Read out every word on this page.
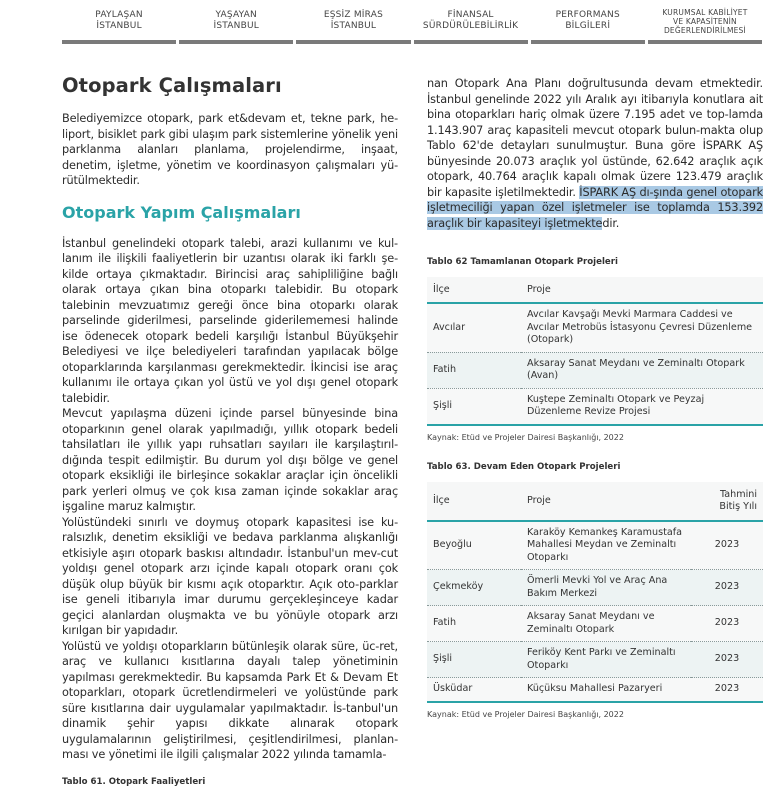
PAYLAŞAN
İSTANBUL
YAŞAYAN
İSTANBUL
EŞSİZ MİRAS
İSTANBUL
FİNANSAL
SÜRDÜRÜLEBİLİRLİK
PERFORMANS
BİLGİLERİ
KURUMSAL KABİLİYET
VE KAPASİTENİN
DEĞERLENDİRİLMESİ
Otopark Çalışmaları

Belediyemizce otopark, park et&devam et, tekne park, he-liport, bisiklet park gibi ulaşım park sistemlerine yönelik yeni parklanma alanları planlama, projelendirme, inşaat, denetim, işletme, yönetim ve koordinasyon çalışmaları yü-rütülmektedir.

Otopark Yapım Çalışmaları

İstanbul genelindeki otopark talebi, arazi kullanımı ve kul-lanım ile ilişkili faaliyetlerin bir uzantısı olarak iki farklı şe-kilde ortaya çıkmaktadır. Birincisi araç sahipliliğine bağlı olarak ortaya çıkan bina otoparkı talebidir. Bu otopark talebinin mevzuatımız gereği önce bina otoparkı olarak parselinde giderilmesi, parselinde giderilememesi halinde ise ödenecek otopark bedeli karşılığı İstanbul Büyükşehir Belediyesi ve ilçe belediyeleri tarafından yapılacak bölge otoparklarında karşılanması gerekmektedir. İkincisi ise araç kullanımı ile ortaya çıkan yol üstü ve yol dışı genel otopark talebidir.

Mevcut yapılaşma düzeni içinde parsel bünyesinde bina otoparkının genel olarak yapılmadığı, yıllık otopark bedeli tahsilatları ile yıllık yapı ruhsatları sayıları ile karşılaştırıl-dığında tespit edilmiştir. Bu durum yol dışı bölge ve genel otopark eksikliği ile birleşince sokaklar araçlar için öncelikli park yerleri olmuş ve çok kısa zaman içinde sokaklar araç işgaline maruz kalmıştır.

Yolüstündeki sınırlı ve doymuş otopark kapasitesi ise ku-ralsızlık, denetim eksikliği ve bedava parklanma alışkanlığı etkisiyle aşırı otopark baskısı altındadır. İstanbul'un mev-cut yoldışı genel otopark arzı içinde kapalı otopark oranı çok düşük olup büyük bir kısmı açık otoparktır. Açık oto-parklar ise geneli itibarıyla imar durumu gerçekleşinceye kadar geçici alanlardan oluşmakta ve bu yönüyle otopark arzı kırılgan bir yapıdadır.

Yolüstü ve yoldışı otoparkların bütünleşik olarak süre, üc-ret, araç ve kullanıcı kısıtlarına dayalı talep yönetiminin yapılması gerekmektedir. Bu kapsamda Park Et & Devam Et otoparkları, otopark ücretlendirmeleri ve yolüstünde park süre kısıtlarına dair uygulamalar yapılmaktadır. İs-tanbul'un dinamik şehir yapısı dikkate alınarak otopark uygulamalarının geliştirilmesi, çeşitlendirilmesi, planlan-ması ve yönetimi ile ilgili çalışmalar 2022 yılında tamamla-

Tablo 61. Otopark Faaliyetleri

nan Otopark Ana Planı doğrultusunda devam etmektedir. İstanbul genelinde 2022 yılı Aralık ayı itibarıyla konutlara ait bina otoparkları hariç olmak üzere 7.195 adet ve top-lamda 1.143.907 araç kapasiteli mevcut otopark bulun-makta olup Tablo 62'de detayları sunulmuştur. Buna göre İSPARK AŞ bünyesinde 20.073 araçlık yol üstünde, 62.642 araçlık açık otopark, 40.764 araçlık kapalı olmak üzere 123.479 araçlık bir kapasite işletilmektedir. İSPARK AŞ dı-şında genel otopark işletmeciliği yapan özel işletmeler ise toplamda 153.392 araçlık bir kapasiteyi işletmektedir.

Tablo 62 Tamamlanan Otopark Projeleri
İlçe	Proje
Avcılar	Avcılar Kavşağı Mevki Marmara Caddesi ve Avcılar Metrobüs İstasyonu Çevresi Düzenleme (Otopark)
Fatih	Aksaray Sanat Meydanı ve Zeminaltı Otopark (Avan)
Şişli	Kuştepe Zeminaltı Otopark ve Peyzaj Düzenleme Revize Projesi
Kaynak: Etüd ve Projeler Dairesi Başkanlığı, 2022
Tablo 63. Devam Eden Otopark Projeleri
İlçe	Proje	Tahmini Bitiş Yılı
Beyoğlu	Karaköy Kemankeş Karamustafa Mahallesi Meydan ve Zeminaltı Otoparkı	2023
Çekmeköy	Ömerli Mevki Yol ve Araç Ana Bakım Merkezi	2023
Fatih	Aksaray Sanat Meydanı ve Zeminaltı Otopark	2023
Şişli	Feriköy Kent Parkı ve Zeminaltı Otoparkı	2023
Üsküdar	Küçüksu Mahallesi Pazaryeri	2023
Kaynak: Etüd ve Projeler Dairesi Başkanlığı, 2022
